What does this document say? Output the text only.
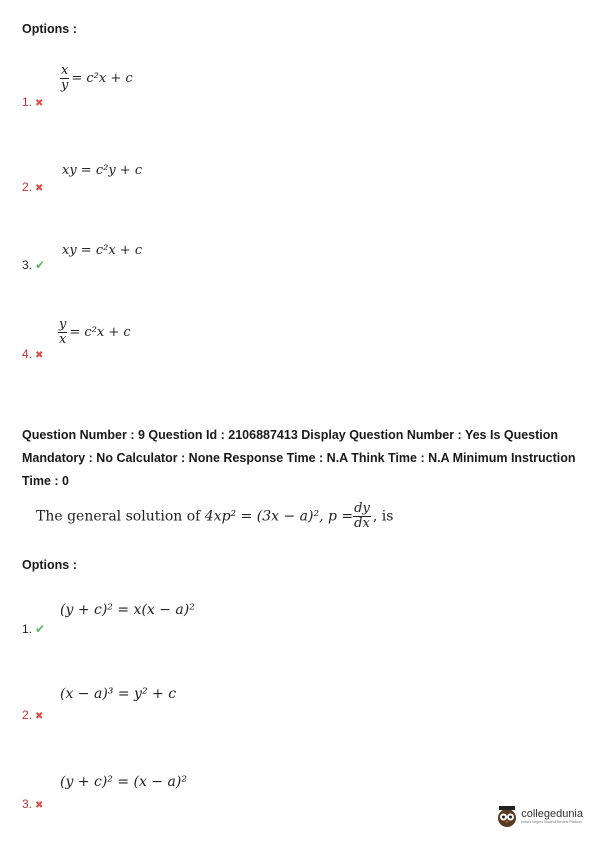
Options :
$\frac{x}{y} = c^2x + c$
1. ✖
xy = c²y + c
2. ✖
xy = c²x + c
3. ✔
$\frac{y}{x} = c^2x + c$
4. ✖
Question Number : 9 Question Id : 2106887413 Display Question Number : Yes Is Question Mandatory : No Calculator : None Response Time : N.A Think Time : N.A Minimum Instruction Time : 0
The general solution of 4xp² = (3x − a)², $p = \frac{dy}{dx}$ , is
Options :
(y + c)² = x(x − a)²
1. ✔
(x − a)³ = y² + c
2. ✖
(y + c)² = (x − a)²
3. ✖
collegedunia
India's largest Student Review Platform
